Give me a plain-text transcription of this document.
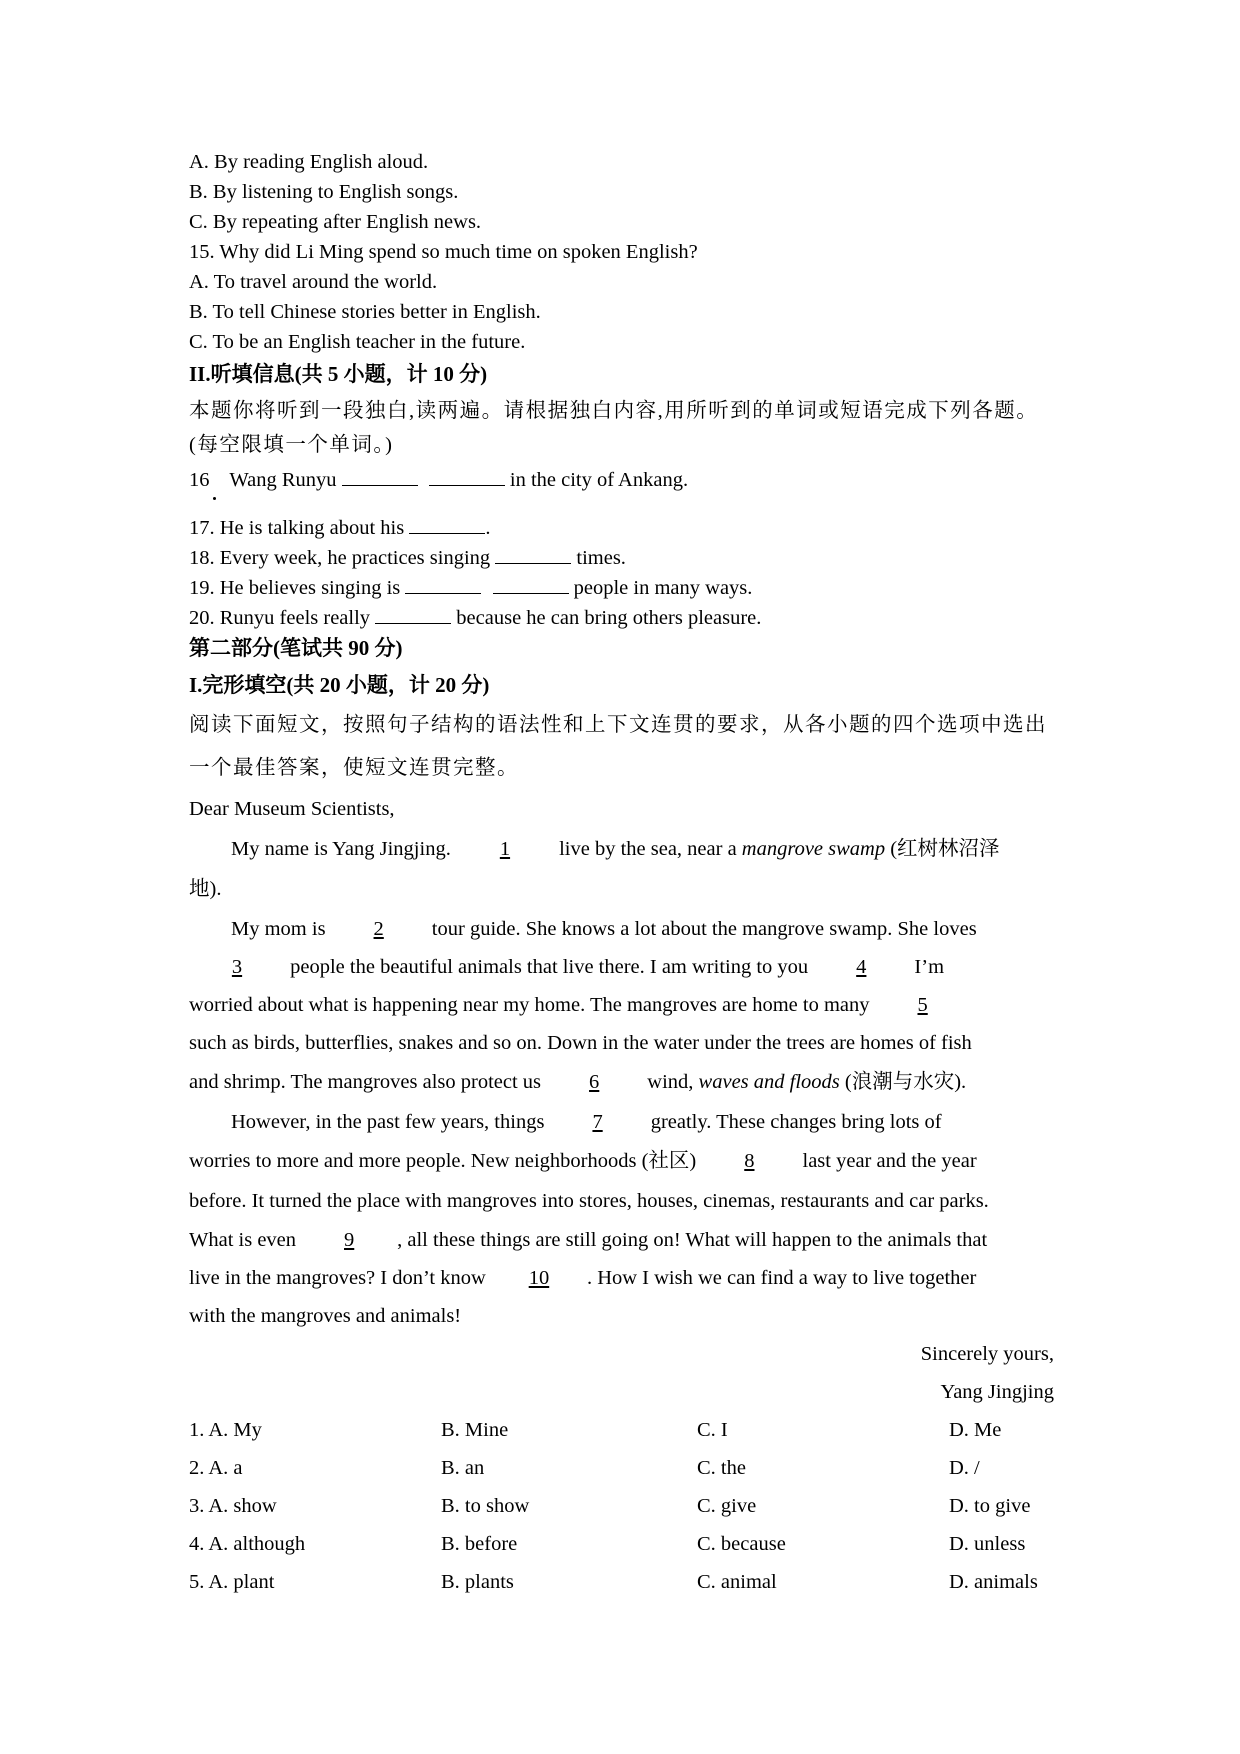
A. By reading English aloud.
B. By listening to English songs.
C. By repeating after English news.
15. Why did Li Ming spend so much time on spoken English?
A. To travel around the world.
B. To tell Chinese stories better in English.
C. To be an English teacher in the future.
II.听填信息(共 5 小题，计 10 分)
本题你将听到一段独白,读两遍。请根据独白内容,用所听到的单词或短语完成下列各题。
(每空限填一个单词。)
16 Wang Runyu	in the city of Ankang.
17. He is talking about his	.
18. Every week, he practices singing	times.
19. He believes singing is	people in many ways.
20. Runyu feels really	because he can bring others pleasure.
第二部分(笔试共 90 分)
I.完形填空(共 20 小题，计 20 分)
阅读下面短文，按照句子结构的语法性和上下文连贯的要求，从各小题的四个选项中选出
一个最佳答案，使短文连贯完整。
Dear Museum Scientists,
My name is Yang Jingjing. 1 live by the sea, near a mangrove swamp (红树林沼泽
地).
My mom is 2 tour guide. She knows a lot about the mangrove swamp. She loves
3 people the beautiful animals that live there. I am writing to you 4 I’m
worried about what is happening near my home. The mangroves are home to many 5
such as birds, butterflies, snakes and so on. Down in the water under the trees are homes of fish
and shrimp. The mangroves also protect us 6 wind, waves and floods (浪潮与水灾).
However, in the past few years, things 7 greatly. These changes bring lots of
worries to more and more people. New neighborhoods (社区) 8 last year and the year
before. It turned the place with mangroves into stores, houses, cinemas, restaurants and car parks.
What is even 9 , all these things are still going on! What will happen to the animals that
live in the mangroves? I don’t know 10 . How I wish we can find a way to live together
with the mangroves and animals!
Sincerely yours,
Yang Jingjing
1. A. My	B. Mine	C. I	D. Me
2. A. a	B. an	C. the	D. /
3. A. show	B. to show	C. give	D. to give
4. A. although	B. before	C. because	D. unless
5. A. plant	B. plants	C. animal	D. animals
